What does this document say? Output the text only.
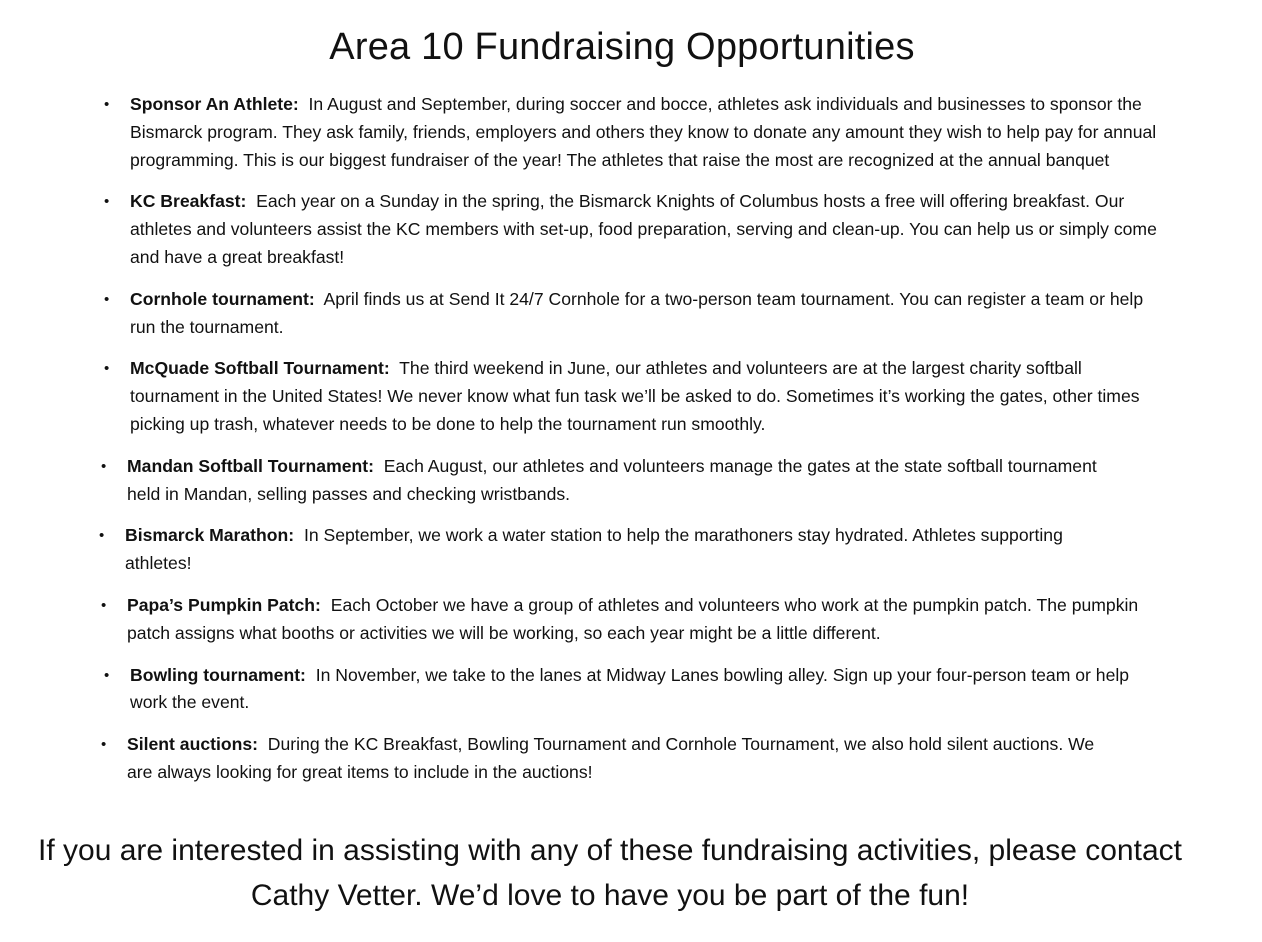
Area 10 Fundraising Opportunities
• Sponsor An Athlete: In August and September, during soccer and bocce, athletes ask individuals and businesses to sponsor the Bismarck program. They ask family, friends, employers and others they know to donate any amount they wish to help pay for annual programming. This is our biggest fundraiser of the year! The athletes that raise the most are recognized at the annual banquet
• KC Breakfast: Each year on a Sunday in the spring, the Bismarck Knights of Columbus hosts a free will offering breakfast. Our athletes and volunteers assist the KC members with set-up, food preparation, serving and clean-up. You can help us or simply come and have a great breakfast!
• Cornhole tournament: April finds us at Send It 24/7 Cornhole for a two-person team tournament. You can register a team or help run the tournament.
• McQuade Softball Tournament: The third weekend in June, our athletes and volunteers are at the largest charity softball tournament in the United States! We never know what fun task we’ll be asked to do. Sometimes it’s working the gates, other times picking up trash, whatever needs to be done to help the tournament run smoothly.
• Mandan Softball Tournament: Each August, our athletes and volunteers manage the gates at the state softball tournament held in Mandan, selling passes and checking wristbands.
• Bismarck Marathon: In September, we work a water station to help the marathoners stay hydrated. Athletes supporting athletes!
• Papa’s Pumpkin Patch: Each October we have a group of athletes and volunteers who work at the pumpkin patch. The pumpkin patch assigns what booths or activities we will be working, so each year might be a little different.
• Bowling tournament: In November, we take to the lanes at Midway Lanes bowling alley. Sign up your four-person team or help work the event.
• Silent auctions: During the KC Breakfast, Bowling Tournament and Cornhole Tournament, we also hold silent auctions. We are always looking for great items to include in the auctions!

If you are interested in assisting with any of these fundraising activities, please contact Cathy Vetter. We’d love to have you be part of the fun!
